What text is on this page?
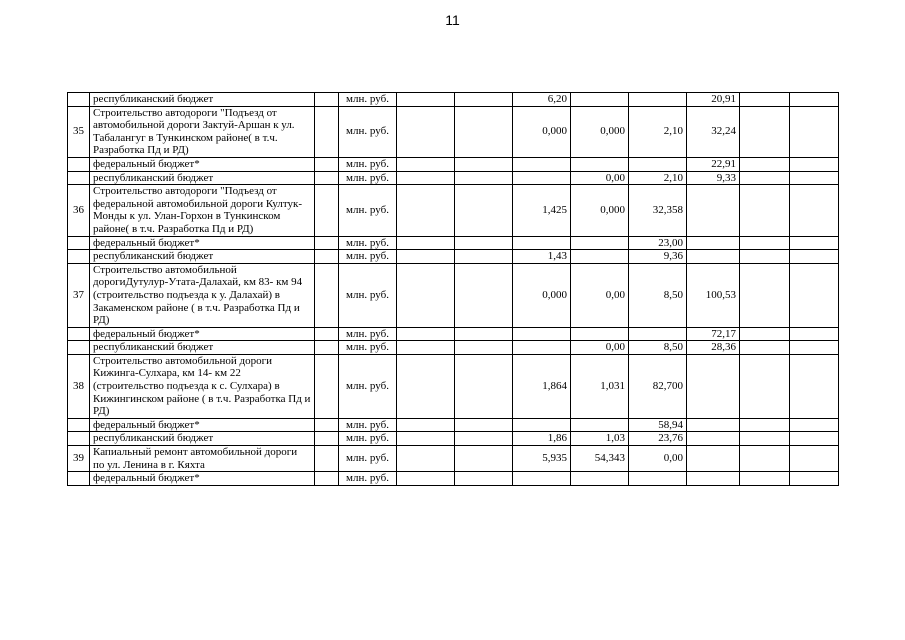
11
	республиканский бюджет		млн. руб.			6,20			20,91		
35	Строительство автодороги "Подъезд от автомобильной дороги Зактуй-Аршан к ул. Табалангуг в Тункинском районе( в т.ч. Разработка Пд и РД)		млн. руб.			0,000	0,000	2,10	32,24		
	федеральный бюджет*		млн. руб.						22,91		
	республиканский бюджет		млн. руб.				0,00	2,10	9,33		
36	Строительство автодороги "Подъезд от федеральной автомобильной дороги Култук-Монды к ул. Улан-Горхон в Тункинском районе( в т.ч. Разработка Пд и РД)		млн. руб.			1,425	0,000	32,358			
	федеральный бюджет*		млн. руб.					23,00			
	республиканский бюджет		млн. руб.			1,43		9,36			
37	Строительство автомобильной дорогиДутулур-Утата-Далахай, км 83- км 94 (строительство подъезда к у. Далахай) в Закаменском районе ( в т.ч. Разработка Пд и РД)		млн. руб.			0,000	0,00	8,50	100,53		
	федеральный бюджет*		млн. руб.						72,17		
	республиканский бюджет		млн. руб.				0,00	8,50	28,36		
38	Строительство автомобильной дороги Кижинга-Сулхара, км 14- км 22 (строительство подъезда к с. Сулхара) в Кижингинском районе ( в т.ч. Разработка Пд и РД)		млн. руб.			1,864	1,031	82,700			
	федеральный бюджет*		млн. руб.					58,94			
	республиканский бюджет		млн. руб.			1,86	1,03	23,76			
39	Капиальный ремонт автомобильной дороги по ул. Ленина в г. Кяхта		млн. руб.			5,935	54,343	0,00			
	федеральный бюджет*		млн. руб.								
